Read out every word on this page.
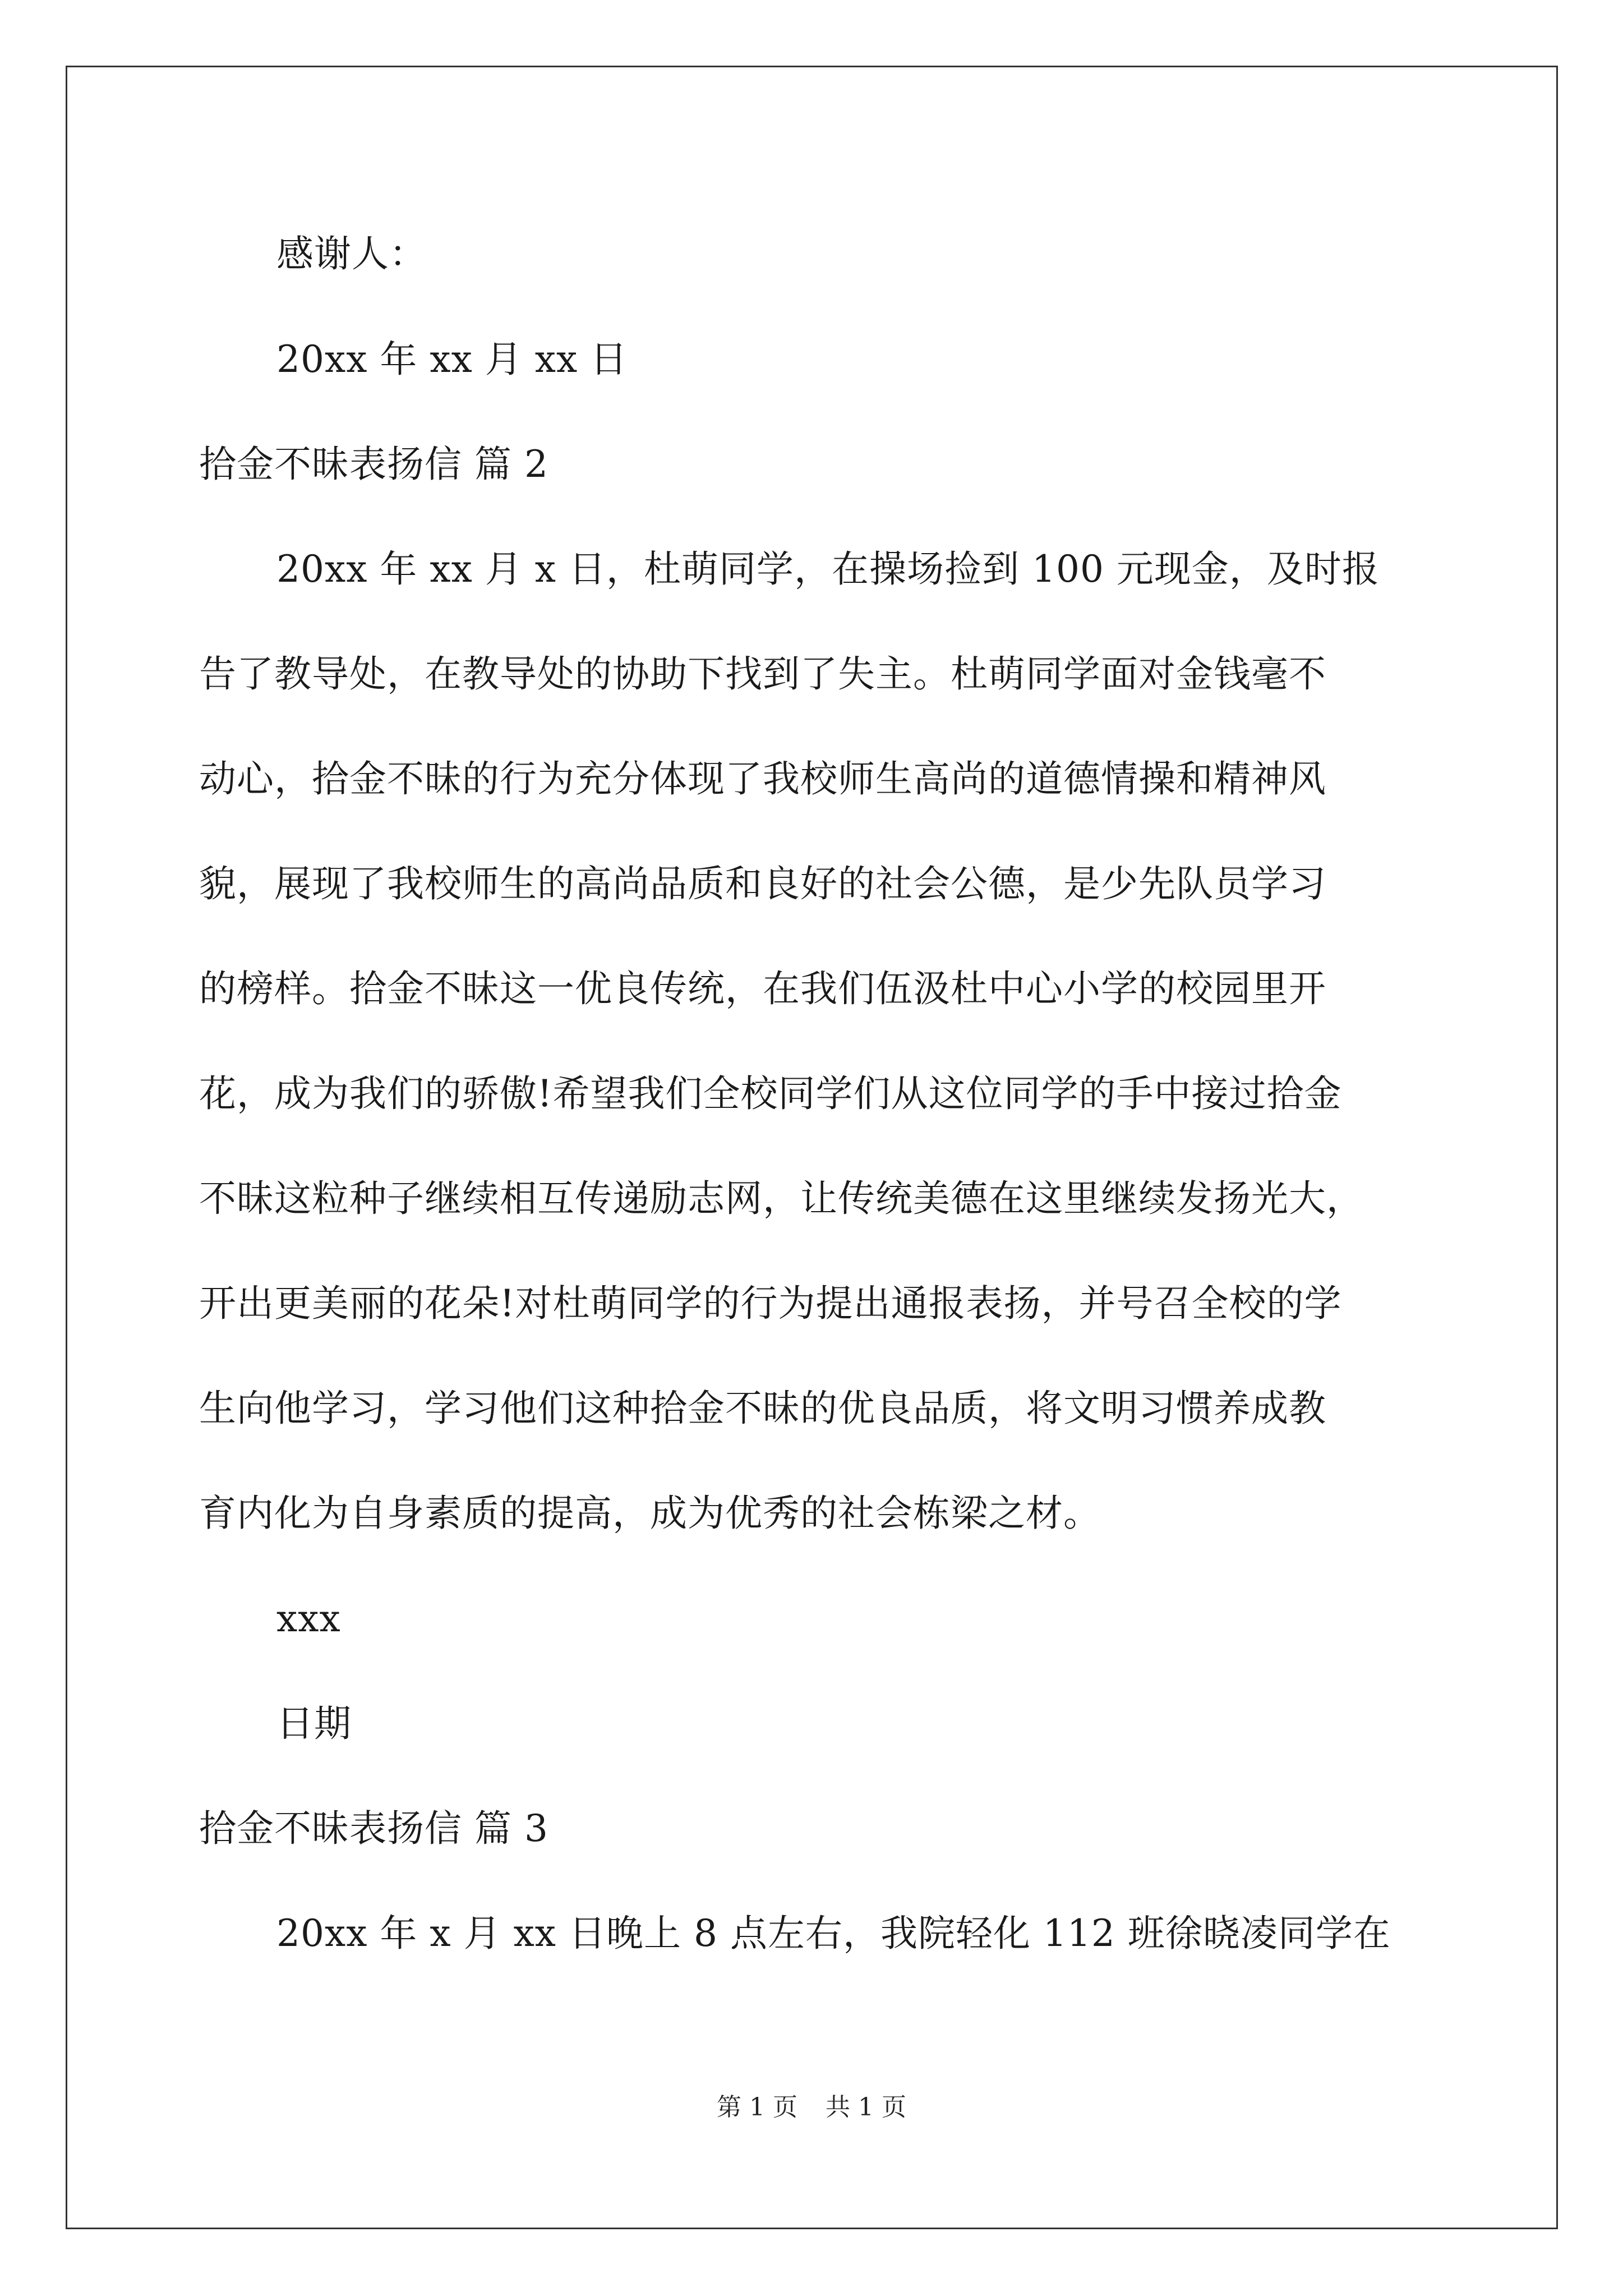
感谢人：
20xx 年 xx 月 xx 日
拾金不昧表扬信 篇 2
20xx 年 xx 月 x 日，杜萌同学，在操场捡到 100 元现金，及时报
告了教导处，在教导处的协助下找到了失主。杜萌同学面对金钱毫不
动心，拾金不昧的行为充分体现了我校师生高尚的道德情操和精神风
貌，展现了我校师生的高尚品质和良好的社会公德，是少先队员学习
的榜样。拾金不昧这一优良传统，在我们伍汲杜中心小学的校园里开
花，成为我们的骄傲!希望我们全校同学们从这位同学的手中接过拾金
不昧这粒种子继续相互传递励志网，让传统美德在这里继续发扬光大，
开出更美丽的花朵!对杜萌同学的行为提出通报表扬，并号召全校的学
生向他学习，学习他们这种拾金不昧的优良品质，将文明习惯养成教
育内化为自身素质的提高，成为优秀的社会栋梁之材。
xxx
日期
拾金不昧表扬信 篇 3
20xx 年 x 月 xx 日晚上 8 点左右，我院轻化 112 班徐晓凌同学在
第 1 页 共 1 页
